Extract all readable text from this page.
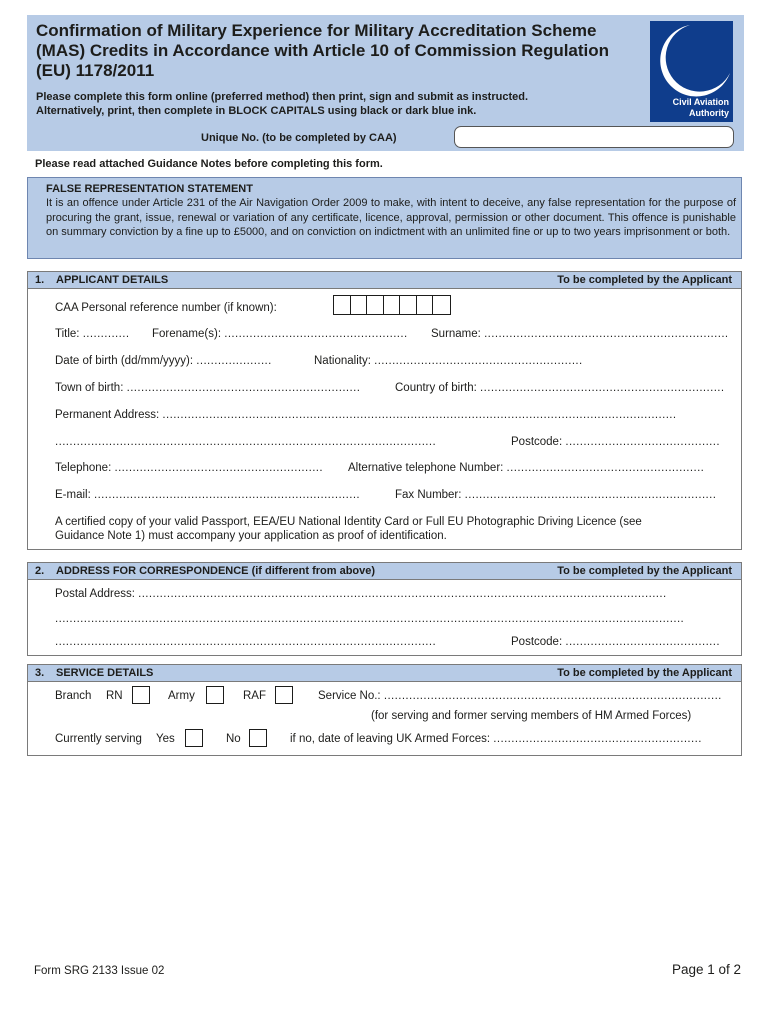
Confirmation of Military Experience for Military Accreditation Scheme (MAS) Credits in Accordance with Article 10 of Commission Regulation (EU) 1178/2011
Please complete this form online (preferred method) then print, sign and submit as instructed.
Alternatively, print, then complete in BLOCK CAPITALS using black or dark blue ink.
Unique No. (to be completed by CAA)
Civil Aviation
Authority
Please read attached Guidance Notes before completing this form.
FALSE REPRESENTATION STATEMENT
It is an offence under Article 231 of the Air Navigation Order 2009 to make, with intent to deceive, any false representation for the purpose of procuring the grant, issue, renewal or variation of any certificate, licence, approval, permission or other document. This offence is punishable on summary conviction by a fine up to £5000, and on conviction on indictment with an unlimited fine or up to two years imprisonment or both.
1. APPLICANT DETAILS	To be completed by the Applicant
CAA Personal reference number (if known):
Title: ............. Forename(s): ................................................... Surname: ....................................................................
Date of birth (dd/mm/yyyy): .....................	Nationality: ..........................................................
Town of birth: .................................................................	Country of birth: ....................................................................
Permanent Address: ...............................................................................................................................................
..........................................................................................................	Postcode: ...........................................
Telephone: .......................................................... Alternative telephone Number: .......................................................
E-mail: ..........................................................................	Fax Number: ......................................................................
A certified copy of your valid Passport, EEA/EU National Identity Card or Full EU Photographic Driving Licence (see
Guidance Note 1) must accompany your application as proof of identification.
2. ADDRESS FOR CORRESPONDENCE (if different from above)	To be completed by the Applicant
Postal Address: ...................................................................................................................................................
...............................................................................................................................................................................
..........................................................................................................	Postcode: ...........................................
3. SERVICE DETAILS	To be completed by the Applicant
Branch RN	Army	RAF	Service No.: ..............................................................................................
(for serving and former serving members of HM Armed Forces)
Currently serving Yes	No	if no, date of leaving UK Armed Forces: ..........................................................
Form SRG 2133 Issue 02	Page 1 of 2
